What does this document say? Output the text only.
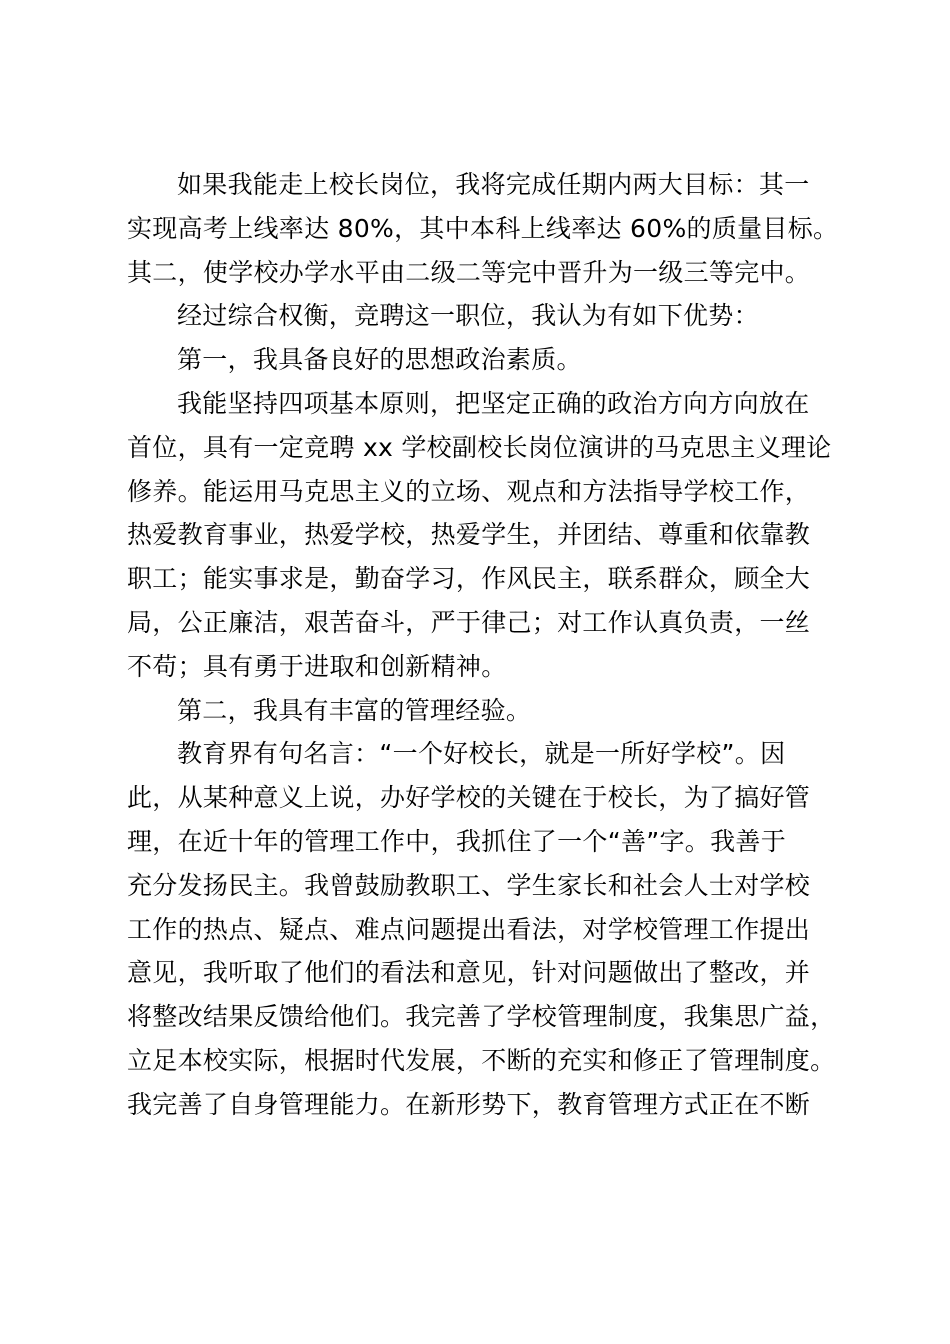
如果我能走上校长岗位，我将完成任期内两大目标：其一
实现高考上线率达 80%，其中本科上线率达 60%的质量目标。
其二，使学校办学水平由二级二等完中晋升为一级三等完中。
经过综合权衡，竞聘这一职位，我认为有如下优势：
第一，我具备良好的思想政治素质。
我能坚持四项基本原则，把坚定正确的政治方向方向放在
首位，具有一定竞聘 xx 学校副校长岗位演讲的马克思主义理论
修养。能运用马克思主义的立场、观点和方法指导学校工作，
热爱教育事业，热爱学校，热爱学生，并团结、尊重和依靠教
职工；能实事求是，勤奋学习，作风民主，联系群众，顾全大
局，公正廉洁，艰苦奋斗，严于律己；对工作认真负责，一丝
不苟；具有勇于进取和创新精神。
第二，我具有丰富的管理经验。
教育界有句名言：“一个好校长，就是一所好学校”。因
此，从某种意义上说，办好学校的关键在于校长，为了搞好管
理，在近十年的管理工作中，我抓住了一个“善”字。我善于
充分发扬民主。我曾鼓励教职工、学生家长和社会人士对学校
工作的热点、疑点、难点问题提出看法，对学校管理工作提出
意见，我听取了他们的看法和意见，针对问题做出了整改，并
将整改结果反馈给他们。我完善了学校管理制度，我集思广益，
立足本校实际，根据时代发展，不断的充实和修正了管理制度。
我完善了自身管理能力。在新形势下，教育管理方式正在不断
